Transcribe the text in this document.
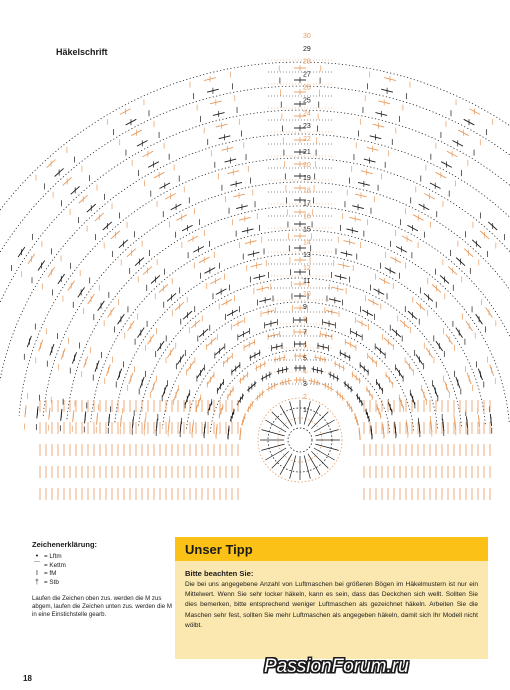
Häkelschrift
1
2
3
4
5
6
7
8
9
10
11
12
13
14
15
16
17
18
19
20
21
22
23
24
25
26
27
28
29
30
Zeichenerklärung:
• = Lftm
⌒ = Kettm
I = fM
† = Stb
Laufen die Zeichen oben zus. werden die M zus abgem, laufen die Zeichen unten zus. werden die M in eine Einstichstelle gearb.
Unser Tipp
Bitte beachten Sie:
Die bei uns angegebene Anzahl von Luftmaschen bei größeren Bögen im Häkelmustern ist nur ein Mittelwert. Wenn Sie sehr locker häkeln, kann es sein, dass das Deckchen sich wellt. Sollten Sie dies bemerken, bitte entsprechend weniger Luftmaschen als gezeichnet häkeln. Arbeiten Sie die Maschen sehr fest, sollten Sie mehr Luftmaschen als angegeben häkeln, damit sich Ihr Modell nicht wölbt.
18
PassionForum.ru
